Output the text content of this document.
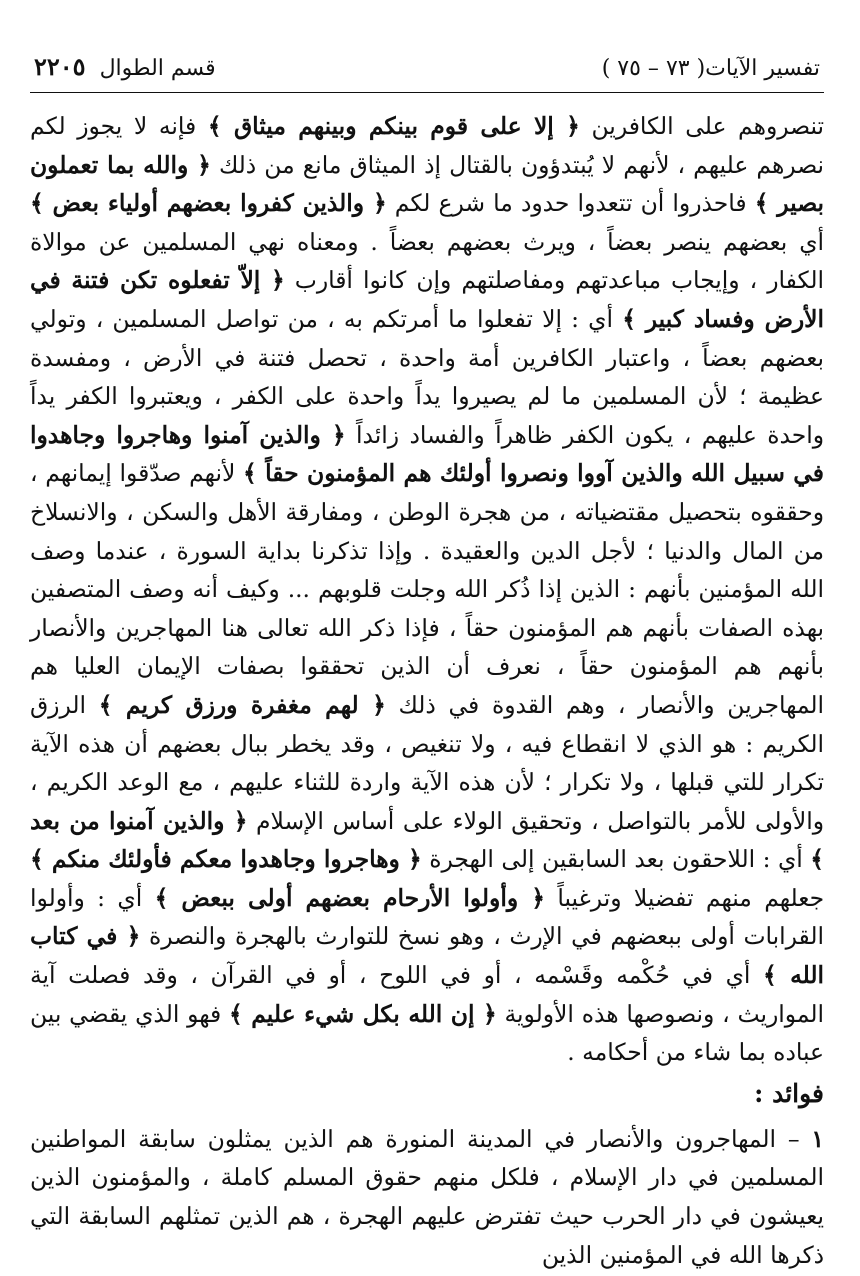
تفسير الآيات( ٧٣ – ٧٥ )
قسم الطوال
٢٢٠٥

تنصروهم على الكافرين ﴿ إلا على قوم بينكم وبينهم ميثاق ﴾ فإنه لا يجوز لكم نصرهم عليهم ، لأنهم لا يُبتدؤون بالقتال إذ الميثاق مانع من ذلك ﴿ والله بما تعملون بصير ﴾ فاحذروا أن تتعدوا حدود ما شرع لكم ﴿ والذين كفروا بعضهم أولياء بعض ﴾ أي بعضهم ينصر بعضاً ، ويرث بعضهم بعضاً . ومعناه نهي المسلمين عن موالاة الكفار ، وإيجاب مباعدتهم ومفاصلتهم وإن كانوا أقارب ﴿ إلاّ تفعلوه تكن فتنة في الأرض وفساد كبير ﴾ أي : إلا تفعلوا ما أمرتكم به ، من تواصل المسلمين ، وتولي بعضهم بعضاً ، واعتبار الكافرين أمة واحدة ، تحصل فتنة في الأرض ، ومفسدة عظيمة ؛ لأن المسلمين ما لم يصيروا يداً واحدة على الكفر ، ويعتبروا الكفر يداً واحدة عليهم ، يكون الكفر ظاهراً والفساد زائداً ﴿ والذين آمنوا وهاجروا وجاهدوا في سبيل الله والذين آووا ونصروا أولئك هم المؤمنون حقاً ﴾ لأنهم صدّقوا إيمانهم ، وحققوه بتحصيل مقتضياته ، من هجرة الوطن ، ومفارقة الأهل والسكن ، والانسلاخ من المال والدنيا ؛ لأجل الدين والعقيدة . وإذا تذكرنا بداية السورة ، عندما وصف الله المؤمنين بأنهم : الذين إذا ذُكر الله وجلت قلوبهم ... وكيف أنه وصف المتصفين بهذه الصفات بأنهم هم المؤمنون حقاً ، فإذا ذكر الله تعالى هنا المهاجرين والأنصار بأنهم هم المؤمنون حقاً ، نعرف أن الذين تحققوا بصفات الإيمان العليا هم المهاجرين والأنصار ، وهم القدوة في ذلك ﴿ لهم مغفرة ورزق كريم ﴾ الرزق الكريم : هو الذي لا انقطاع فيه ، ولا تنغيص ، وقد يخطر ببال بعضهم أن هذه الآية تكرار للتي قبلها ، ولا تكرار ؛ لأن هذه الآية واردة للثناء عليهم ، مع الوعد الكريم ، والأولى للأمر بالتواصل ، وتحقيق الولاء على أساس الإسلام ﴿ والذين آمنوا من بعد ﴾ أي : اللاحقون بعد السابقين إلى الهجرة ﴿ وهاجروا وجاهدوا معكم فأولئك منكم ﴾ جعلهم منهم تفضيلا وترغيباً ﴿ وأولوا الأرحام بعضهم أولى ببعض ﴾ أي : وأولوا القرابات أولى ببعضهم في الإرث ، وهو نسخ للتوارث بالهجرة والنصرة ﴿ في كتاب الله ﴾ أي في حُكْمه وقَسْمه ، أو في اللوح ، أو في القرآن ، وقد فصلت آية المواريث ، ونصوصها هذه الأولوية ﴿ إن الله بكل شيء عليم ﴾ فهو الذي يقضي بين عباده بما شاء من أحكامه .

فوائد :

١ – المهاجرون والأنصار في المدينة المنورة هم الذين يمثلون سابقة المواطنين المسلمين في دار الإسلام ، فلكل منهم حقوق المسلم كاملة ، والمؤمنون الذين يعيشون في دار الحرب حيث تفترض عليهم الهجرة ، هم الذين تمثلهم السابقة التي ذكرها الله في المؤمنين الذين
